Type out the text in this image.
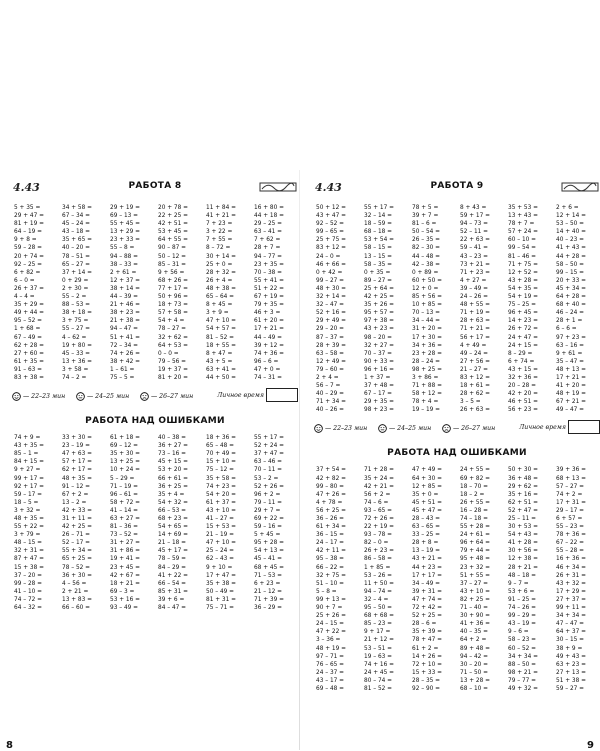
4.43	РАБОТА 8
5 + 35 =
29 + 47 =
81 + 19 =
64 – 19 =
9 + 8 =
59 – 28 =
20 + 74 =
92 – 25 =
6 + 82 =
6 – 0 =
26 + 37 =
4 – 4 =
35 + 29 =
49 + 44 =
95 – 52 =
1 + 68 =
67 – 49 =
62 + 28 =
27 + 60 =
61 + 35 =
91 – 63 =
83 + 38 =
34 + 58 =
67 – 34 =
45 – 24 =
43 – 18 =
35 + 65 =
40 – 20 =
78 – 51 =
65 – 27 =
37 + 14 =
0 + 29 =
2 + 30 =
55 – 2 =
88 – 53 =
38 + 18 =
3 + 75 =
55 – 27 =
4 – 62 =
19 + 80 =
45 – 33 =
13 + 36 =
3 + 58 =
74 – 2 =
29 + 19 =
69 – 13 =
55 + 45 =
13 + 29 =
23 + 33 =
55 – 8 =
94 – 88 =
38 – 33 =
2 + 61 =
12 + 37 =
38 + 14 =
44 – 39 =
21 + 46 =
38 + 23 =
21 + 38 =
94 – 47 =
51 + 41 =
72 – 34 =
74 + 26 =
38 + 42 =
1 – 61 =
75 – 5 =
20 + 78 =
22 + 25 =
42 + 51 =
53 + 45 =
64 + 55 =
90 – 87 =
50 – 12 =
85 – 31 =
9 + 56 =
68 + 26 =
77 + 17 =
50 + 96 =
18 + 73 =
57 + 58 =
54 + 4 =
78 – 27 =
32 + 62 =
64 + 53 =
0 – 0 =
79 – 56 =
19 + 37 =
81 + 20 =
11 + 84 =
41 + 21 =
7 + 23 =
3 + 22 =
7 + 55 =
8 – 72 =
30 + 14 =
25 + 0 =
28 + 32 =
26 + 4 =
48 + 38 =
65 – 64 =
8 + 45 =
3 + 9 =
47 + 10 =
54 + 57 =
81 – 52 =
18 + 55 =
8 + 47 =
43 + 5 =
63 + 41 =
44 + 50 =
16 + 80 =
44 + 18 =
29 – 25 =
63 – 41 =
7 + 62 =
28 + 7 =
94 – 77 =
23 + 35 =
70 – 38 =
55 + 41 =
51 + 22 =
67 + 19 =
79 + 35 =
46 + 3 =
61 + 20 =
17 + 21 =
44 – 49 =
39 + 12 =
74 + 36 =
96 – 6 =
47 + 0 =
74 – 31 =
— 22–23 мин	— 24–25 мин	— 26–27 мин	Личное время
РАБОТА НАД ОШИБКАМИ
74 + 9 =
43 + 35 =
85 – 1 =
84 + 15 =
9 + 27 =
99 + 17 =
92 + 17 =
59 – 17 =
18 – 5 =
3 + 32 =
48 + 35 =
55 + 22 =
3 + 79 =
48 – 15 =
32 + 31 =
87 + 47 =
15 + 38 =
37 – 20 =
99 – 28 =
41 – 10 =
74 – 72 =
64 – 32 =
33 + 30 =
23 – 19 =
47 + 63 =
57 + 17 =
62 + 17 =
48 + 35 =
91 – 12 =
67 + 2 =
13 – 2 =
42 + 33 =
31 + 11 =
42 + 25 =
26 – 71 =
52 – 17 =
55 + 34 =
65 + 25 =
78 – 52 =
36 + 30 =
4 – 56 =
2 + 21 =
13 + 83 =
66 – 60 =
61 + 18 =
69 – 12 =
35 + 30 =
13 + 25 =
10 + 24 =
5 – 29 =
71 – 19 =
96 – 61 =
58 + 72 =
41 – 14 =
63 + 27 =
81 – 36 =
73 – 52 =
31 + 27 =
31 + 86 =
19 + 41 =
23 + 45 =
42 + 67 =
18 + 21 =
69 – 3 =
53 + 16 =
93 – 49 =
40 – 38 =
36 + 27 =
73 – 16 =
45 + 15 =
53 + 20 =
66 + 61 =
36 + 25 =
35 + 4 =
54 + 32 =
66 – 53 =
68 + 23 =
54 + 65 =
14 + 69 =
21 – 18 =
45 + 17 =
78 – 59 =
84 – 29 =
41 + 22 =
66 – 54 =
85 + 31 =
39 + 6 =
84 – 47 =
18 + 36 =
65 – 48 =
70 + 49 =
15 + 10 =
75 – 12 =
35 + 58 =
74 + 23 =
54 + 20 =
61 + 37 =
43 + 10 =
41 – 27 =
15 + 53 =
21 – 19 =
47 + 10 =
25 – 24 =
62 – 43 =
9 + 10 =
17 + 47 =
35 + 38 =
50 – 49 =
81 + 31 =
75 – 71 =
55 + 17 =
52 + 24 =
37 + 47 =
63 – 46 =
70 – 11 =
53 – 2 =
52 + 26 =
96 + 2 =
79 – 11 =
29 + 7 =
69 + 22 =
59 – 16 =
5 + 45 =
95 + 28 =
54 + 13 =
45 – 41 =
68 + 45 =
71 – 53 =
6 + 23 =
21 – 12 =
71 + 39 =
36 – 29 =
4.43	РАБОТА 9
50 + 12 =
43 + 47 =
92 – 52 =
99 – 65 =
25 + 75 =
83 + 12 =
24 – 0 =
46 + 66 =
0 + 42 =
99 – 27 =
48 + 30 =
32 + 14 =
32 – 47 =
52 + 16 =
29 + 49 =
29 – 20 =
87 – 37 =
28 + 39 =
63 – 58 =
12 + 49 =
79 – 60 =
2 + 4 =
56 – 7 =
40 – 29 =
71 + 34 =
40 – 26 =
55 + 17 =
32 – 14 =
18 – 59 =
68 – 18 =
53 + 54 =
58 – 15 =
13 – 15 =
58 – 35 =
0 + 35 =
89 – 27 =
25 + 64 =
42 + 25 =
35 + 26 =
95 + 57 =
97 + 38 =
43 + 23 =
98 – 20 =
32 + 27 =
70 – 37 =
90 + 33 =
96 + 16 =
1 + 37 =
37 + 48 =
67 – 17 =
29 + 35 =
98 + 23 =
78 + 5 =
39 + 7 =
81 – 6 =
50 – 54 =
26 – 35 =
82 – 30 =
44 – 48 =
42 – 38 =
0 + 89 =
60 + 50 =
12 + 0 =
85 + 56 =
10 + 85 =
70 – 13 =
34 – 44 =
31 + 20 =
17 + 30 =
34 + 36 =
23 + 28 =
28 – 24 =
98 + 25 =
3 + 86 =
71 + 88 =
58 + 12 =
78 + 4 =
19 – 19 =
8 + 43 =
59 + 17 =
94 – 73 =
52 – 11 =
22 + 63 =
59 – 41 =
43 – 23 =
73 + 21 =
71 + 23 =
4 + 27 =
39 – 49 =
24 – 26 =
48 + 55 =
71 + 19 =
28 + 63 =
71 + 21 =
56 + 17 =
4 + 49 =
49 – 24 =
27 + 56 =
21 – 27 =
83 + 12 =
18 + 61 =
28 + 62 =
3 – 5 =
26 + 63 =
35 + 53 =
13 + 43 =
78 + 7 =
57 + 24 =
60 – 10 =
99 – 54 =
81 – 46 =
71 + 75 =
12 + 52 =
43 + 28 =
54 + 35 =
54 + 19 =
75 – 25 =
96 + 45 =
14 + 23 =
26 + 72 =
24 + 47 =
24 + 15 =
8 – 29 =
6 + 74 =
43 + 15 =
32 + 36 =
20 – 28 =
42 + 20 =
46 + 51 =
56 + 23 =
2 + 6 =
12 + 14 =
53 – 50 =
14 + 40 =
40 – 23 =
41 + 43 =
44 + 28 =
58 – 50 =
99 – 15 =
20 + 33 =
45 + 34 =
64 + 28 =
68 + 40 =
46 – 24 =
28 + 1 =
6 – 6 =
97 + 23 =
63 – 16 =
9 + 61 =
35 – 47 =
48 + 13 =
17 + 21 =
41 + 20 =
48 + 19 =
67 + 21 =
49 – 47 =
— 22–23 мин	— 24–25 мин	— 26–27 мин	Личное время
РАБОТА НАД ОШИБКАМИ
37 + 54 =
42 + 82 =
99 – 80 =
47 + 26 =
4 + 78 =
56 + 25 =
36 – 26 =
61 + 34 =
36 – 15 =
24 – 17 =
42 + 11 =
95 – 38 =
66 – 22 =
32 + 75 =
51 – 10 =
5 – 8 =
99 + 13 =
90 + 7 =
25 + 26 =
24 – 15 =
47 + 22 =
3 – 36 =
48 + 19 =
97 – 71 =
76 – 65 =
24 – 37 =
43 – 17 =
69 – 48 =
71 + 28 =
35 + 24 =
42 + 21 =
56 + 2 =
74 – 6 =
93 – 65 =
72 + 26 =
22 + 19 =
93 – 78 =
82 – 0 =
26 + 23 =
86 – 58 =
1 + 85 =
53 – 26 =
11 + 50 =
94 – 74 =
32 – 4 =
95 – 50 =
68 + 68 =
85 – 23 =
9 + 17 =
21 + 12 =
53 – 51 =
19 – 63 =
74 + 16 =
24 + 45 =
80 – 74 =
81 – 52 =
47 + 49 =
64 + 30 =
12 + 85 =
35 + 0 =
45 + 51 =
45 + 47 =
28 – 43 =
63 – 65 =
33 – 25 =
28 + 8 =
13 – 19 =
43 + 21 =
44 + 23 =
17 + 17 =
34 – 49 =
39 + 31 =
47 + 74 =
72 + 42 =
52 + 25 =
28 – 6 =
35 + 39 =
78 + 47 =
61 + 2 =
14 + 26 =
72 + 10 =
15 + 33 =
28 – 35 =
92 – 90 =
24 + 55 =
69 + 82 =
18 – 70 =
18 – 2 =
26 + 55 =
16 – 28 =
74 – 18 =
55 + 28 =
24 + 61 =
96 + 64 =
79 + 44 =
95 + 48 =
23 + 32 =
51 + 55 =
37 – 27 =
43 + 10 =
82 + 25 =
71 – 40 =
30 + 90 =
41 + 36 =
40 – 35 =
64 + 2 =
89 + 48 =
94 – 42 =
30 – 20 =
71 – 50 =
13 + 28 =
68 – 10 =
50 + 30 =
36 + 48 =
29 + 62 =
35 + 16 =
62 + 51 =
52 + 47 =
25 – 11 =
30 + 53 =
54 + 43 =
41 + 28 =
30 + 56 =
12 + 38 =
28 + 21 =
48 – 18 =
9 – 7 =
53 + 6 =
91 – 25 =
74 – 26 =
99 – 29 =
43 – 19 =
9 – 6 =
58 – 23 =
60 – 52 =
34 + 34 =
88 – 50 =
98 + 21 =
79 – 77 =
49 + 32 =
39 + 36 =
68 + 13 =
57 – 27 =
74 + 2 =
17 + 31 =
29 – 17 =
6 + 57 =
55 – 23 =
78 + 36 =
67 – 22 =
55 – 28 =
16 + 36 =
46 + 34 =
26 + 31 =
43 + 32 =
17 + 29 =
27 + 37 =
99 + 11 =
34 + 34 =
47 – 47 =
64 + 37 =
30 – 15 =
38 + 9 =
49 + 43 =
63 + 23 =
27 + 13 =
51 + 38 =
59 – 27 =
8	9
